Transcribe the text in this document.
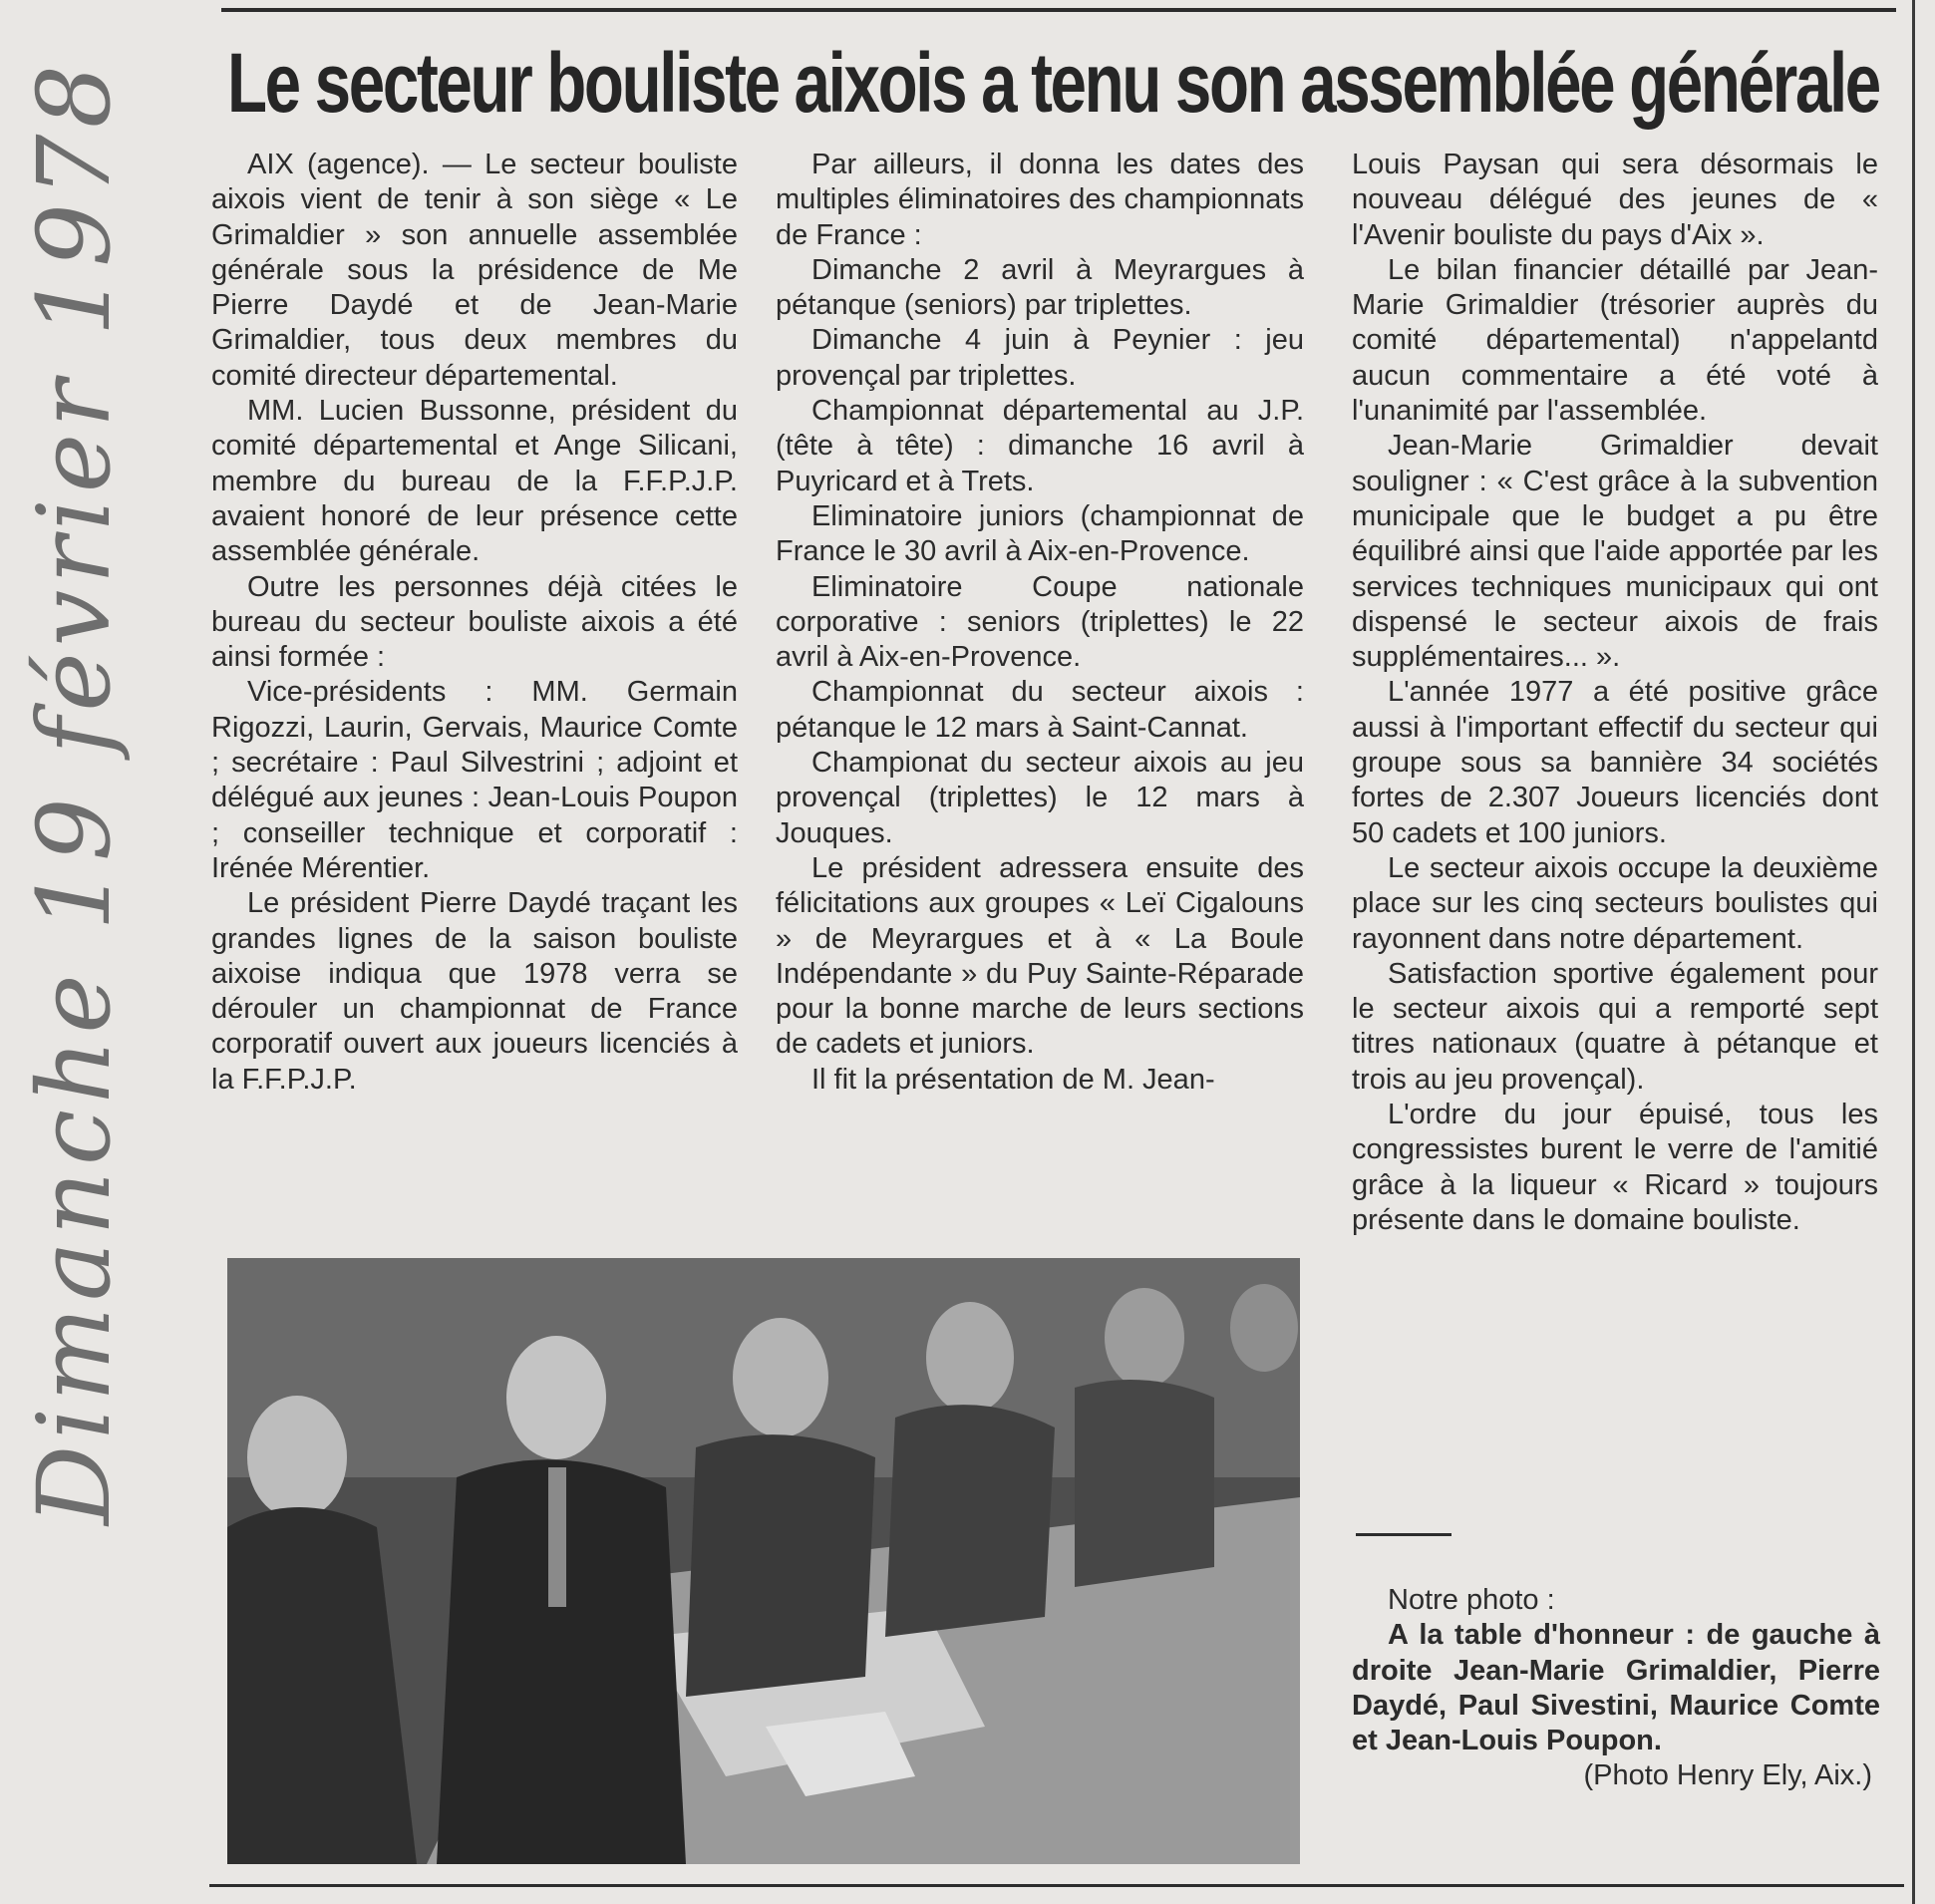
Le secteur bouliste aixois a tenu son assemblée générale
Dimanche 19 février 1978	AIX (agence). — Le secteur bouliste aixois vient de tenir à son siège « Le Grimaldier » son annuelle assemblée générale sous la présidence de Me Pierre Daydé et de Jean-Marie Grimaldier, tous deux membres du comité directeur départemental.

MM. Lucien Bussonne, président du comité départemental et Ange Silicani, membre du bureau de la F.F.P.J.P. avaient honoré de leur présence cette assemblée générale.

Outre les personnes déjà citées le bureau du secteur bouliste aixois a été ainsi formée :

Vice-présidents : MM. Germain Rigozzi, Laurin, Gervais, Maurice Comte ; secrétaire : Paul Silvestrini ; adjoint et délégué aux jeunes : Jean-Louis Poupon ; conseiller technique et corporatif : Irénée Mérentier.

Le président Pierre Daydé traçant les grandes lignes de la saison bouliste aixoise indiqua que 1978 verra se dérouler un championnat de France corporatif ouvert aux joueurs licenciés à la F.F.P.J.P.

Par ailleurs, il donna les dates des multiples éliminatoires des championnats de France :

Dimanche 2 avril à Meyrargues à pétanque (seniors) par triplettes.

Dimanche 4 juin à Peynier : jeu provençal par triplettes.

Championnat départemental au J.P. (tête à tête) : dimanche 16 avril à Puyricard et à Trets.

Eliminatoire juniors (championnat de France le 30 avril à Aix-en-Provence.

Eliminatoire Coupe nationale corporative : seniors (triplettes) le 22 avril à Aix-en-Provence.

Championnat du secteur aixois : pétanque le 12 mars à Saint-Cannat.

Championat du secteur aixois au jeu provençal (triplettes) le 12 mars à Jouques.

Le président adressera ensuite des félicitations aux groupes « Leï Cigalouns » de Meyrargues et à « La Boule Indépendante » du Puy Sainte-Réparade pour la bonne marche de leurs sections de cadets et juniors.

Il fit la présentation de M. Jean-

Louis Paysan qui sera désormais le nouveau délégué des jeunes de « l'Avenir bouliste du pays d'Aix ».

Le bilan financier détaillé par Jean-Marie Grimaldier (trésorier auprès du comité départemental) n'appelantd aucun commentaire a été voté à l'unanimité par l'assemblée.

Jean-Marie Grimaldier devait souligner : « C'est grâce à la subvention municipale que le budget a pu être équilibré ainsi que l'aide apportée par les services techniques municipaux qui ont dispensé le secteur aixois de frais supplémentaires... ».

L'année 1977 a été positive grâce aussi à l'important effectif du secteur qui groupe sous sa bannière 34 sociétés fortes de 2.307 Joueurs licenciés dont 50 cadets et 100 juniors.

Le secteur aixois occupe la deuxième place sur les cinq secteurs boulistes qui rayonnent dans notre département.

Satisfaction sportive également pour le secteur aixois qui a remporté sept titres nationaux (quatre à pétanque et trois au jeu provençal).

L'ordre du jour épuisé, tous les congressistes burent le verre de l'amitié grâce à la liqueur « Ricard » toujours présente dans le domaine bouliste.

Notre photo :
A la table d'honneur : de gauche à droite Jean-Marie Grimaldier, Pierre Daydé, Paul Sivestini, Maurice Comte et Jean-Louis Poupon.
(Photo Henry Ely, Aix.)
